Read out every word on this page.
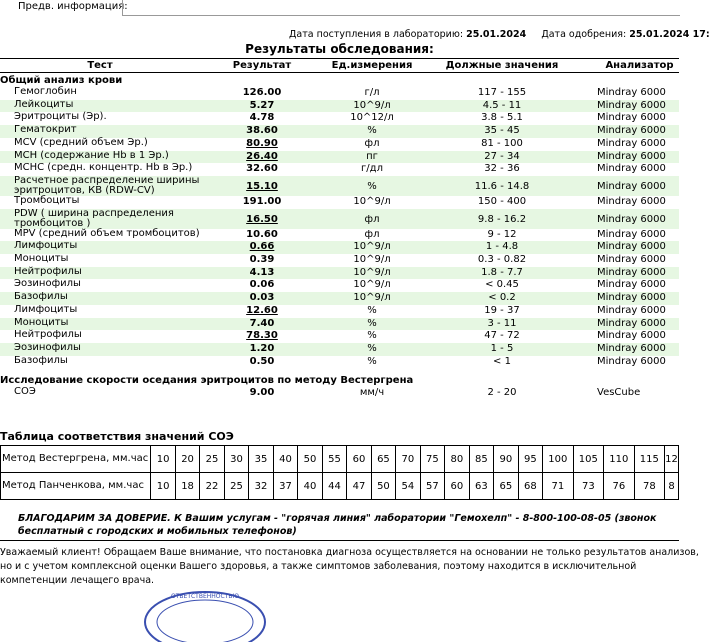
Предв. информация:
Дата поступления в лабораторию: 25.01.2024 Дата одобрения: 25.01.2024 17:
Результаты обследования:
Тест	Результат	Ед.измерения	Должные значения	Анализатор
Общий анализ крови
Гемоглобин	126.00	г/л	117 - 155	Mindray 6000
Лейкоциты	5.27	10^9/л	4.5 - 11	Mindray 6000
Эритроциты (Эр).	4.78	10^12/л	3.8 - 5.1	Mindray 6000
Гематокрит	38.60	%	35 - 45	Mindray 6000
MCV (средний объем Эр.)	80.90	фл	81 - 100	Mindray 6000
МСН (содержание Hb в 1 Эр.)	26.40	пг	27 - 34	Mindray 6000
МСНС (средн. концентр. Hb в Эр.)	32.60	г/дл	32 - 36	Mindray 6000
Расчетное распределение ширины эритроцитов, КВ (RDW-CV)	15.10	%	11.6 - 14.8	Mindray 6000
Тромбоциты	191.00	10^9/л	150 - 400	Mindray 6000
PDW ( ширина распределения тромбоцитов )	16.50	фл	9.8 - 16.2	Mindray 6000
MPV (средний объем тромбоцитов)	10.60	фл	9 - 12	Mindray 6000
Лимфоциты	0.66	10^9/л	1 - 4.8	Mindray 6000
Моноциты	0.39	10^9/л	0.3 - 0.82	Mindray 6000
Нейтрофилы	4.13	10^9/л	1.8 - 7.7	Mindray 6000
Эозинофилы	0.06	10^9/л	< 0.45	Mindray 6000
Базофилы	0.03	10^9/л	< 0.2	Mindray 6000
Лимфоциты	12.60	%	19 - 37	Mindray 6000
Моноциты	7.40	%	3 - 11	Mindray 6000
Нейтрофилы	78.30	%	47 - 72	Mindray 6000
Эозинофилы	1.20	%	1 - 5	Mindray 6000
Базофилы	0.50	%	< 1	Mindray 6000
Исследование скорости оседания эритроцитов по методу Вестергрена
СОЭ	9.00	мм/ч	2 - 20	VesCube
Таблица соответствия значений СОЭ
Метод Вестергрена, мм.час	10	20	25	30	35	40	50	55	60	65	70	75	80	85	90	95	100	105	110	115	12
Метод Панченкова, мм.час	10	18	22	25	32	37	40	44	47	50	54	57	60	63	65	68	71	73	76	78	8
БЛАГОДАРИМ ЗА ДОВЕРИЕ. К Вашим услугам - "горячая линия" лаборатории "Гемохелп" - 8-800-100-08-05 (звонок бесплатный с городских и мобильных телефонов)
Уважаемый клиент! Обращаем Ваше внимание, что постановка диагноза осуществляется на основании не только результатов анализов, но и с учетом комплексной оценки Вашего здоровья, а также симптомов заболевания, поэтому находится в исключительной компетенции лечащего врача.
ОТВЕТСТВЕННОСТЬЮ
